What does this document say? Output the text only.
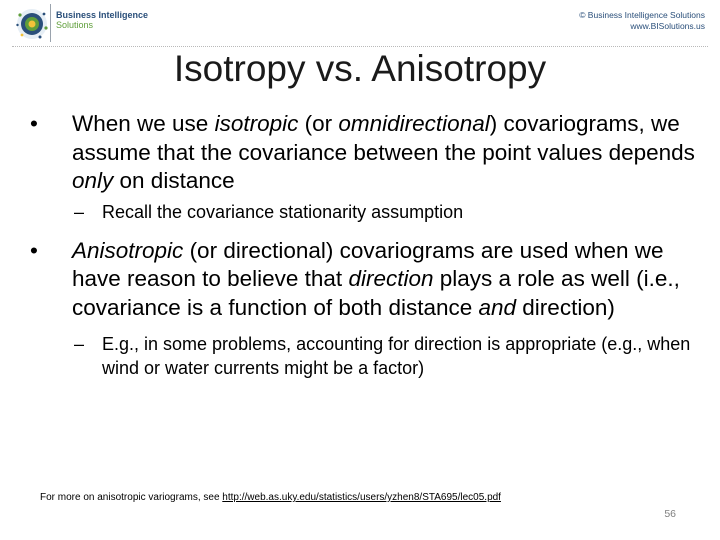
Business Intelligence
Solutions
© Business Intelligence Solutions
www.BISolutions.us
Isotropy vs. Anisotropy
• When we use isotropic (or omnidirectional) covariograms, we assume that the covariance between the point values depends only on distance
– Recall the covariance stationarity assumption
• Anisotropic (or directional) covariograms are used when we have reason to believe that direction plays a role as well (i.e., covariance is a function of both distance and direction)
– E.g., in some problems, accounting for direction is appropriate (e.g., when wind or water currents might be a factor)
For more on anisotropic variograms, see http://web.as.uky.edu/statistics/users/yzhen8/STA695/lec05.pdf
56
